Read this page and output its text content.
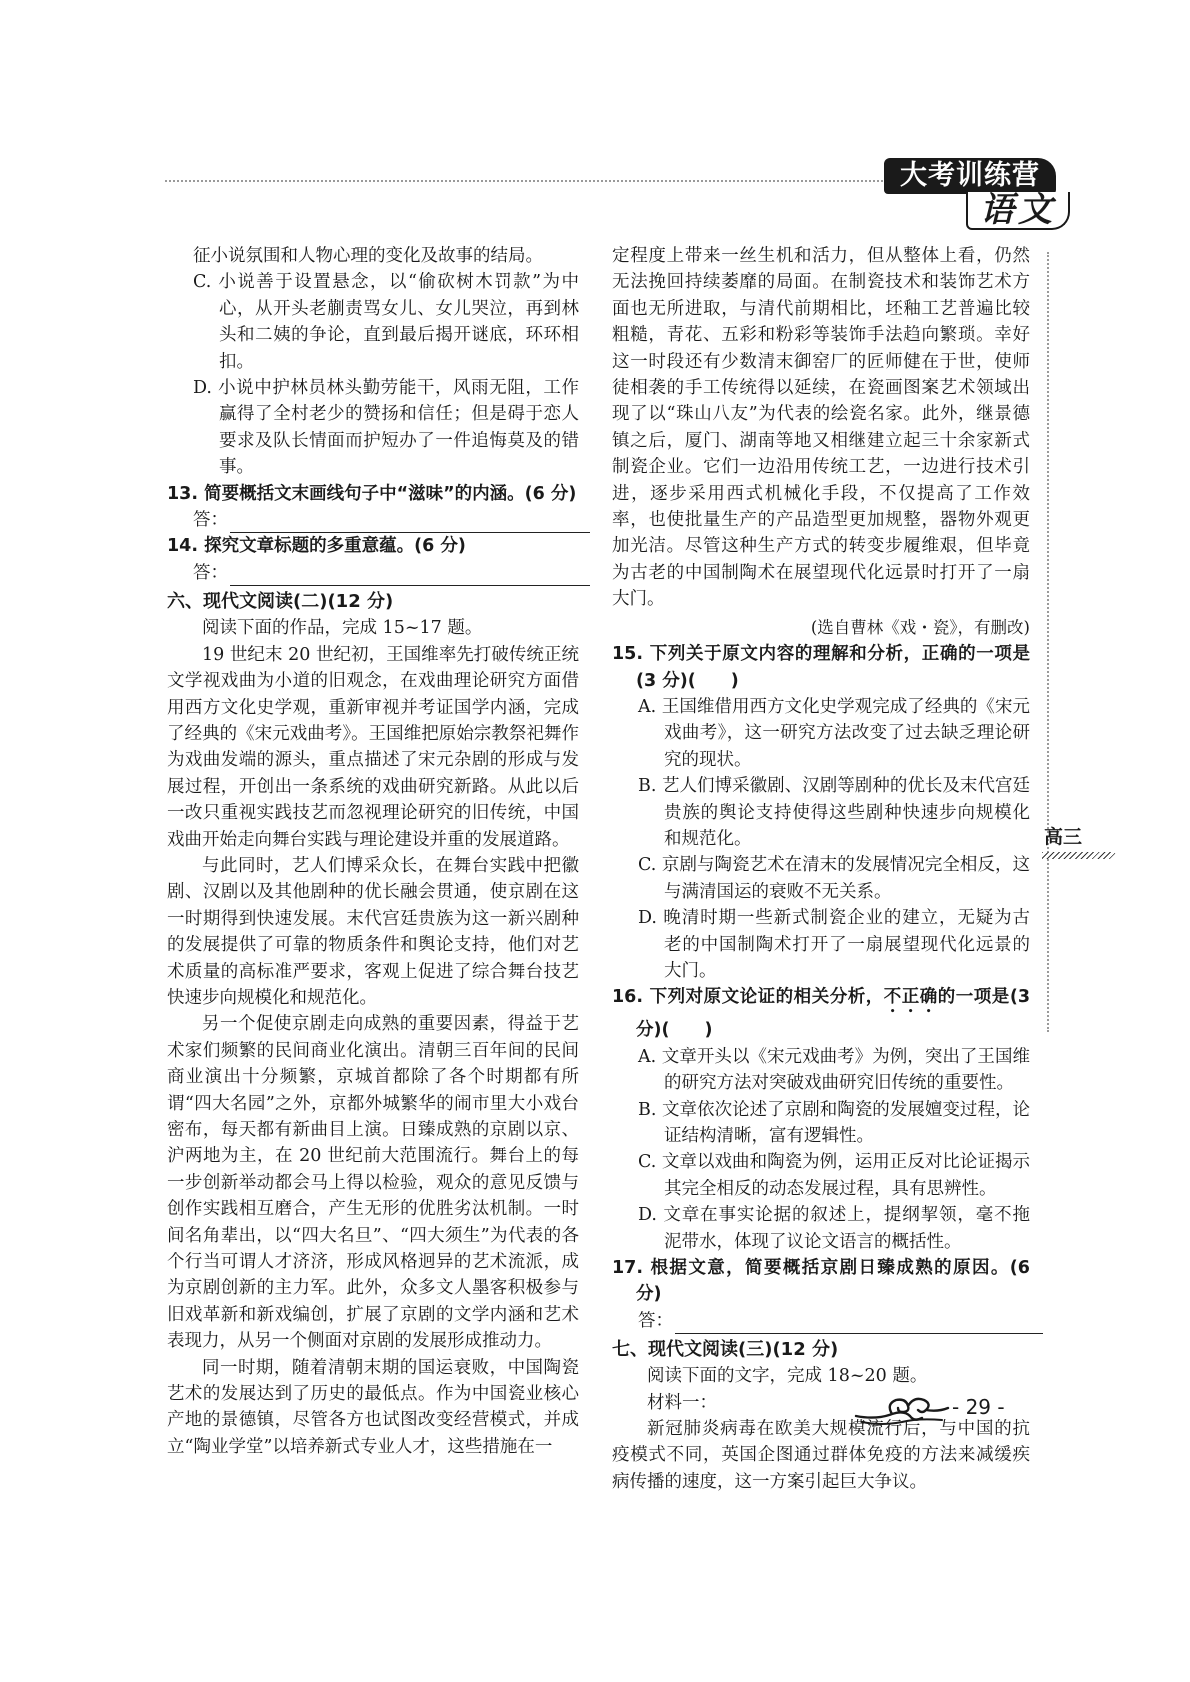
大考训练营
语文

征小说氛围和人物心理的变化及故事的结局。

C. 小说善于设置悬念，以“偷砍树木罚款”为中心，从开头老蒯责骂女儿、女儿哭泣，再到林头和二姨的争论，直到最后揭开谜底，环环相扣。

D. 小说中护林员林头勤劳能干，风雨无阻，工作赢得了全村老少的赞扬和信任；但是碍于恋人要求及队长情面而护短办了一件追悔莫及的错事。

13. 简要概括文末画线句子中“滋味”的内涵。(6 分)

答：

14. 探究文章标题的多重意蕴。(6 分)

答：

六、现代文阅读(二)(12 分)

阅读下面的作品，完成 15~17 题。

19 世纪末 20 世纪初，王国维率先打破传统正统文学视戏曲为小道的旧观念，在戏曲理论研究方面借用西方文化史学观，重新审视并考证国学内涵，完成了经典的《宋元戏曲考》。王国维把原始宗教祭祀舞作为戏曲发端的源头，重点描述了宋元杂剧的形成与发展过程，开创出一条系统的戏曲研究新路。从此以后一改只重视实践技艺而忽视理论研究的旧传统，中国戏曲开始走向舞台实践与理论建设并重的发展道路。

与此同时，艺人们博采众长，在舞台实践中把徽剧、汉剧以及其他剧种的优长融会贯通，使京剧在这一时期得到快速发展。末代宫廷贵族为这一新兴剧种的发展提供了可靠的物质条件和舆论支持，他们对艺术质量的高标准严要求，客观上促进了综合舞台技艺快速步向规模化和规范化。

另一个促使京剧走向成熟的重要因素，得益于艺术家们频繁的民间商业化演出。清朝三百年间的民间商业演出十分频繁，京城首都除了各个时期都有所谓“四大名园”之外，京都外城繁华的闹市里大小戏台密布，每天都有新曲目上演。日臻成熟的京剧以京、沪两地为主，在 20 世纪前大范围流行。舞台上的每一步创新举动都会马上得以检验，观众的意见反馈与创作实践相互磨合，产生无形的优胜劣汰机制。一时间名角辈出，以“四大名旦”、“四大须生”为代表的各个行当可谓人才济济，形成风格迥异的艺术流派，成为京剧创新的主力军。此外，众多文人墨客积极参与旧戏革新和新戏编创，扩展了京剧的文学内涵和艺术表现力，从另一个侧面对京剧的发展形成推动力。

同一时期，随着清朝末期的国运衰败，中国陶瓷艺术的发展达到了历史的最低点。作为中国瓷业核心产地的景德镇，尽管各方也试图改变经营模式，并成立“陶业学堂”以培养新式专业人才，这些措施在一

定程度上带来一丝生机和活力，但从整体上看，仍然无法挽回持续萎靡的局面。在制瓷技术和装饰艺术方面也无所进取，与清代前期相比，坯釉工艺普遍比较粗糙，青花、五彩和粉彩等装饰手法趋向繁琐。幸好这一时段还有少数清末御窑厂的匠师健在于世，使师徒相袭的手工传统得以延续，在瓷画图案艺术领域出现了以“珠山八友”为代表的绘瓷名家。此外，继景德镇之后，厦门、湖南等地又相继建立起三十余家新式制瓷企业。它们一边沿用传统工艺，一边进行技术引进，逐步采用西式机械化手段，不仅提高了工作效率，也使批量生产的产品造型更加规整，器物外观更加光洁。尽管这种生产方式的转变步履维艰，但毕竟为古老的中国制陶术在展望现代化远景时打开了一扇大门。

(选自曹林《戏・瓷》，有删改)

15. 下列关于原文内容的理解和分析，正确的一项是(3 分)(　　)

A. 王国维借用西方文化史学观完成了经典的《宋元戏曲考》，这一研究方法改变了过去缺乏理论研究的现状。

B. 艺人们博采徽剧、汉剧等剧种的优长及末代宫廷贵族的舆论支持使得这些剧种快速步向规模化和规范化。

C. 京剧与陶瓷艺术在清末的发展情况完全相反，这与满清国运的衰败不无关系。

D. 晚清时期一些新式制瓷企业的建立，无疑为古老的中国制陶术打开了一扇展望现代化远景的大门。

16. 下列对原文论证的相关分析，不正确的一项是(3 分)(　　)

A. 文章开头以《宋元戏曲考》为例，突出了王国维的研究方法对突破戏曲研究旧传统的重要性。

B. 文章依次论述了京剧和陶瓷的发展嬗变过程，论证结构清晰，富有逻辑性。

C. 文章以戏曲和陶瓷为例，运用正反对比论证揭示其完全相反的动态发展过程，具有思辨性。

D. 文章在事实论据的叙述上，提纲挈领，毫不拖泥带水，体现了议论文语言的概括性。

17. 根据文意，简要概括京剧日臻成熟的原因。(6 分)

答：

七、现代文阅读(三)(12 分)

阅读下面的文字，完成 18~20 题。

材料一：

新冠肺炎病毒在欧美大规模流行后，与中国的抗疫模式不同，英国企图通过群体免疫的方法来减缓疾病传播的速度，这一方案引起巨大争议。

高三
- 29 -
